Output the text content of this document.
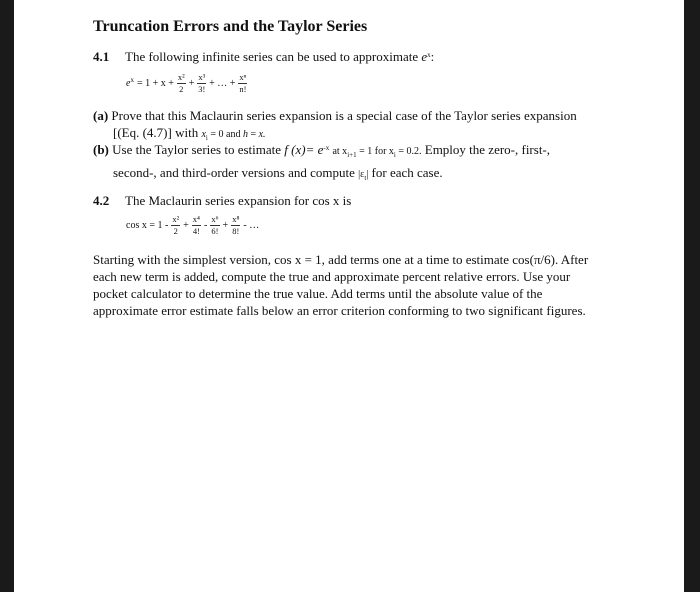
Truncation Errors and the Taylor Series
4.1 The following infinite series can be used to approximate $e^x$:
$e^x = 1 + x + \frac{\text{x²}}{2} + \frac{\text{x³}}{3!}$ + … + $\frac{\text{xⁿ}}{n!}$
(a) Prove that this Maclaurin series expansion is a special case of the Taylor series expansion
[(Eq. (4.7)] with $x_i = 0$ and h = x.
(b) Use the Taylor series to estimate f $(x)= e^{-x}$ at $x_{i+1} = 1$ for $x_i = 0.2$. Employ the zero-, first-,
second-, and third-order versions and compute $|\varepsilon_t|$ for each case.
4.2 The Maclaurin series expansion for cos x is
$\cos x = 1 - \frac{\text{x²}}{2} + \frac{\text{x⁴}}{4!} - \frac{\text{x⁶}}{6!} + \frac{\text{x⁸}}{8!}$ - …
Starting with the simplest version, cos x = 1, add terms one at a time to estimate cos(π/6). After
each new term is added, compute the true and approximate percent relative errors. Use your
pocket calculator to determine the true value. Add terms until the absolute value of the
approximate error estimate falls below an error criterion conforming to two significant figures.
